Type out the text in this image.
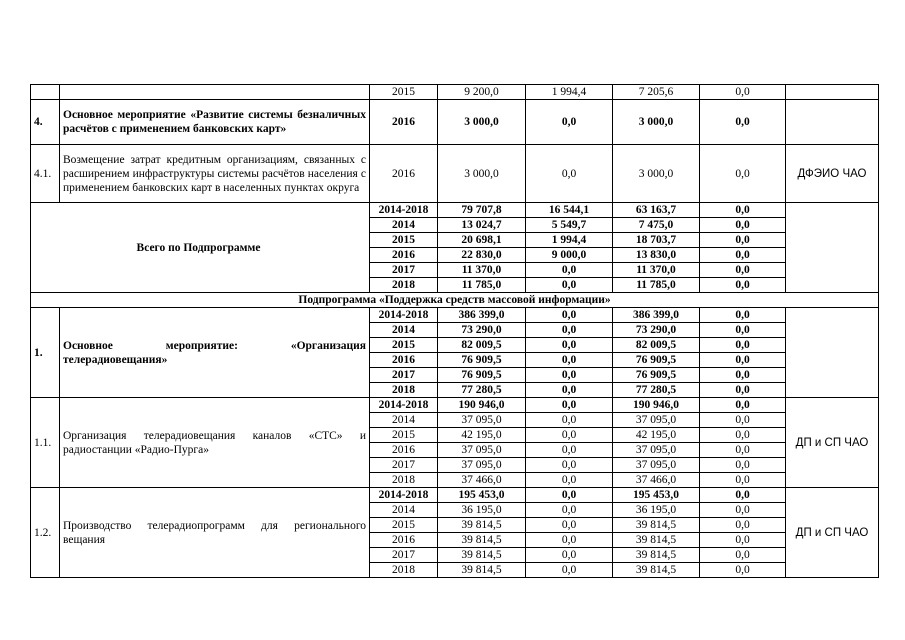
		2015	9 200,0	1 994,4	7 205,6	0,0	
4.	Основное мероприятие «Развитие системы безналичных расчётов с применением банковских карт»	2016	3 000,0	0,0	3 000,0	0,0	
4.1.	Возмещение затрат кредитным организациям, связанных с расширением инфраструктуры системы расчётов населения с применением банковских карт в населенных пунктах округа	2016	3 000,0	0,0	3 000,0	0,0	ДФЭИО ЧАО
Всего по Подпрограмме		2014-2018	79 707,8	16 544,1	63 163,7	0,0	
		2014	13 024,7	5 549,7	7 475,0	0,0	
		2015	20 698,1	1 994,4	18 703,7	0,0	
		2016	22 830,0	9 000,0	13 830,0	0,0	
		2017	11 370,0	0,0	11 370,0	0,0	
		2018	11 785,0	0,0	11 785,0	0,0	
Подпрограмма «Поддержка средств массовой информации»							
1.	Основное мероприятие: «Организация телерадиовещания»	2014-2018	386 399,0	0,0	386 399,0	0,0	
		2014	73 290,0	0,0	73 290,0	0,0	
		2015	82 009,5	0,0	82 009,5	0,0	
		2016	76 909,5	0,0	76 909,5	0,0	
		2017	76 909,5	0,0	76 909,5	0,0	
		2018	77 280,5	0,0	77 280,5	0,0	
1.1.	Организация телерадиовещания каналов «СТС» и радиостанции «Радио-Пурга»	2014-2018	190 946,0	0,0	190 946,0	0,0	ДП и СП ЧАО
		2014	37 095,0	0,0	37 095,0	0,0	
		2015	42 195,0	0,0	42 195,0	0,0	
		2016	37 095,0	0,0	37 095,0	0,0	
		2017	37 095,0	0,0	37 095,0	0,0	
		2018	37 466,0	0,0	37 466,0	0,0	
1.2.	Производство телерадиопрограмм для регионального вещания	2014-2018	195 453,0	0,0	195 453,0	0,0	ДП и СП ЧАО
		2014	36 195,0	0,0	36 195,0	0,0	
		2015	39 814,5	0,0	39 814,5	0,0	
		2016	39 814,5	0,0	39 814,5	0,0	
		2017	39 814,5	0,0	39 814,5	0,0	
		2018	39 814,5	0,0	39 814,5	0,0	
